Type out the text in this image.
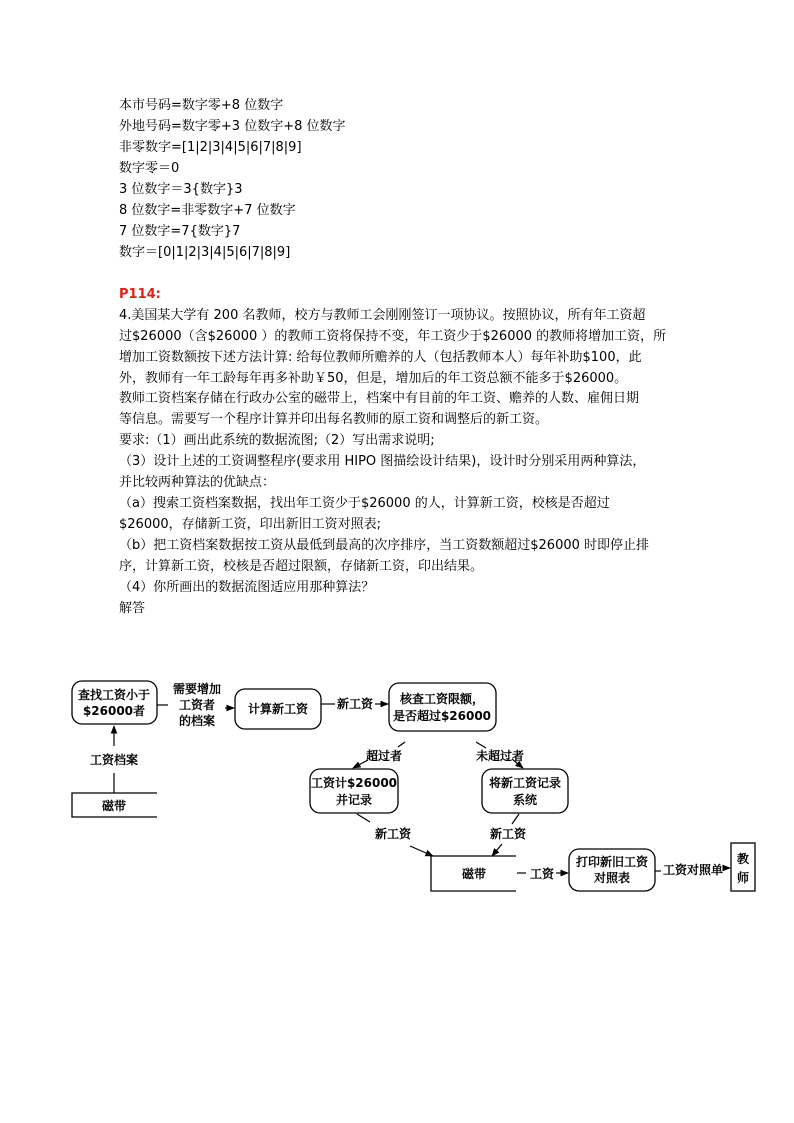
本市号码=数字零+8 位数字
外地号码=数字零+3 位数字+8 位数字
非零数字=[1|2|3|4|5|6|7|8|9]
数字零＝0
3 位数字＝3{数字}3
8 位数字=非零数字+7 位数字
7 位数字=7{数字}7
数字＝[0|1|2|3|4|5|6|7|8|9]
P114:
4.美国某大学有 200 名教师，校方与教师工会刚刚签订一项协议。按照协议，所有年工资超
过$26000（含$26000 ）的教师工资将保持不变，年工资少于$26000 的教师将增加工资，所
增加工资数额按下述方法计算: 给每位教师所赡养的人（包括教师本人）每年补助$100，此
外，教师有一年工龄每年再多补助￥50，但是，增加后的年工资总额不能多于$26000。
教师工资档案存储在行政办公室的磁带上，档案中有目前的年工资、赡养的人数、雇佣日期
等信息。需要写一个程序计算并印出每名教师的原工资和调整后的新工资。
要求:（1）画出此系统的数据流图;（2）写出需求说明;
（3）设计上述的工资调整程序(要求用 HIPO 图描绘设计结果)，设计时分别采用两种算法，
并比较两种算法的优缺点：
（a）搜索工资档案数据，找出年工资少于$26000 的人，计算新工资，校核是否超过
$26000，存储新工资，印出新旧工资对照表;
（b）把工资档案数据按工资从最低到最高的次序排序，当工资数额超过$26000 时即停止排
序，计算新工资，校核是否超过限额，存储新工资，印出结果。
（4）你所画出的数据流图适应用那种算法？
解答
查找工资小于
$26000者	计算新工资
核查工资限额，
是否超过$26000
工资计$26000
并记录
将新工资记录
系统
打印新旧工资
对照表
磁带
磁带
教
师
工资档案
需要增加
工资者
的档案
新工资
超过者	未超过者
新工资	新工资
工资	工资对照单
